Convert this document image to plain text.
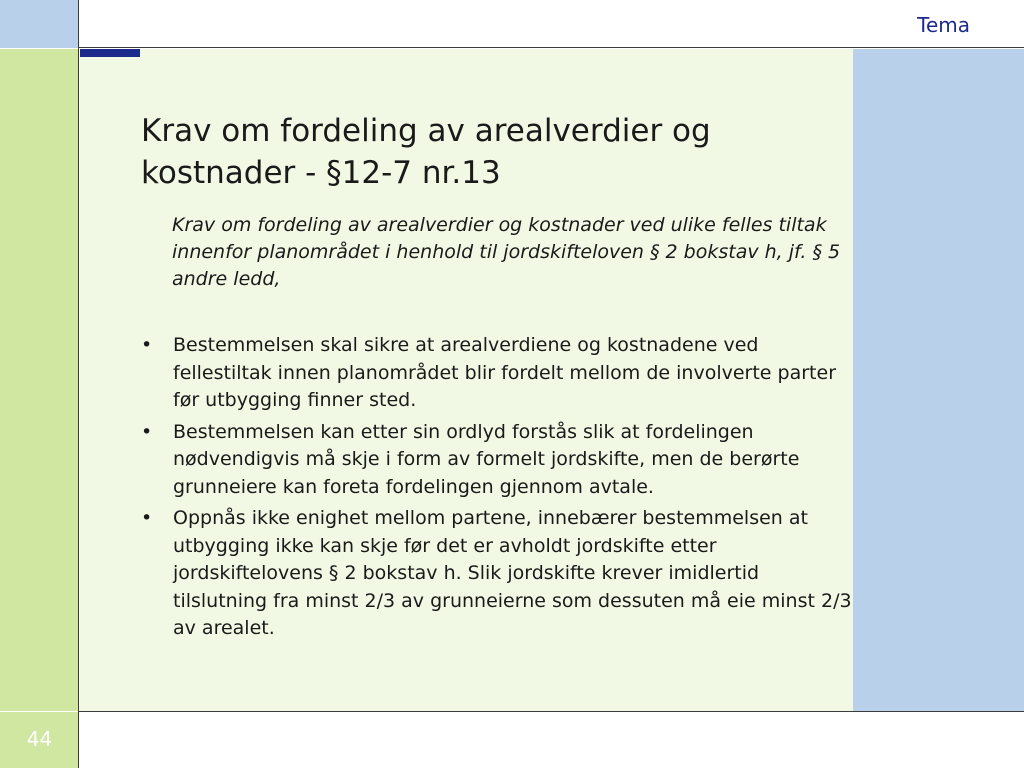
Tema
44
Krav om fordeling av arealverdier og kostnader - §12-7 nr.13
Krav om fordeling av arealverdier og kostnader ved ulike felles tiltak innenfor planområdet i henhold til jordskifteloven § 2 bokstav h, jf. § 5 andre ledd,
• Bestemmelsen skal sikre at arealverdiene og kostnadene ved fellestiltak innen planområdet blir fordelt mellom de involverte parter før utbygging finner sted.
• Bestemmelsen kan etter sin ordlyd forstås slik at fordelingen nødvendigvis må skje i form av formelt jordskifte, men de berørte grunneiere kan foreta fordelingen gjennom avtale.
• Oppnås ikke enighet mellom partene, innebærer bestemmelsen at utbygging ikke kan skje før det er avholdt jordskifte etter jordskiftelovens § 2 bokstav h. Slik jordskifte krever imidlertid tilslutning fra minst 2/3 av grunneierne som dessuten må eie minst 2/3 av arealet.
